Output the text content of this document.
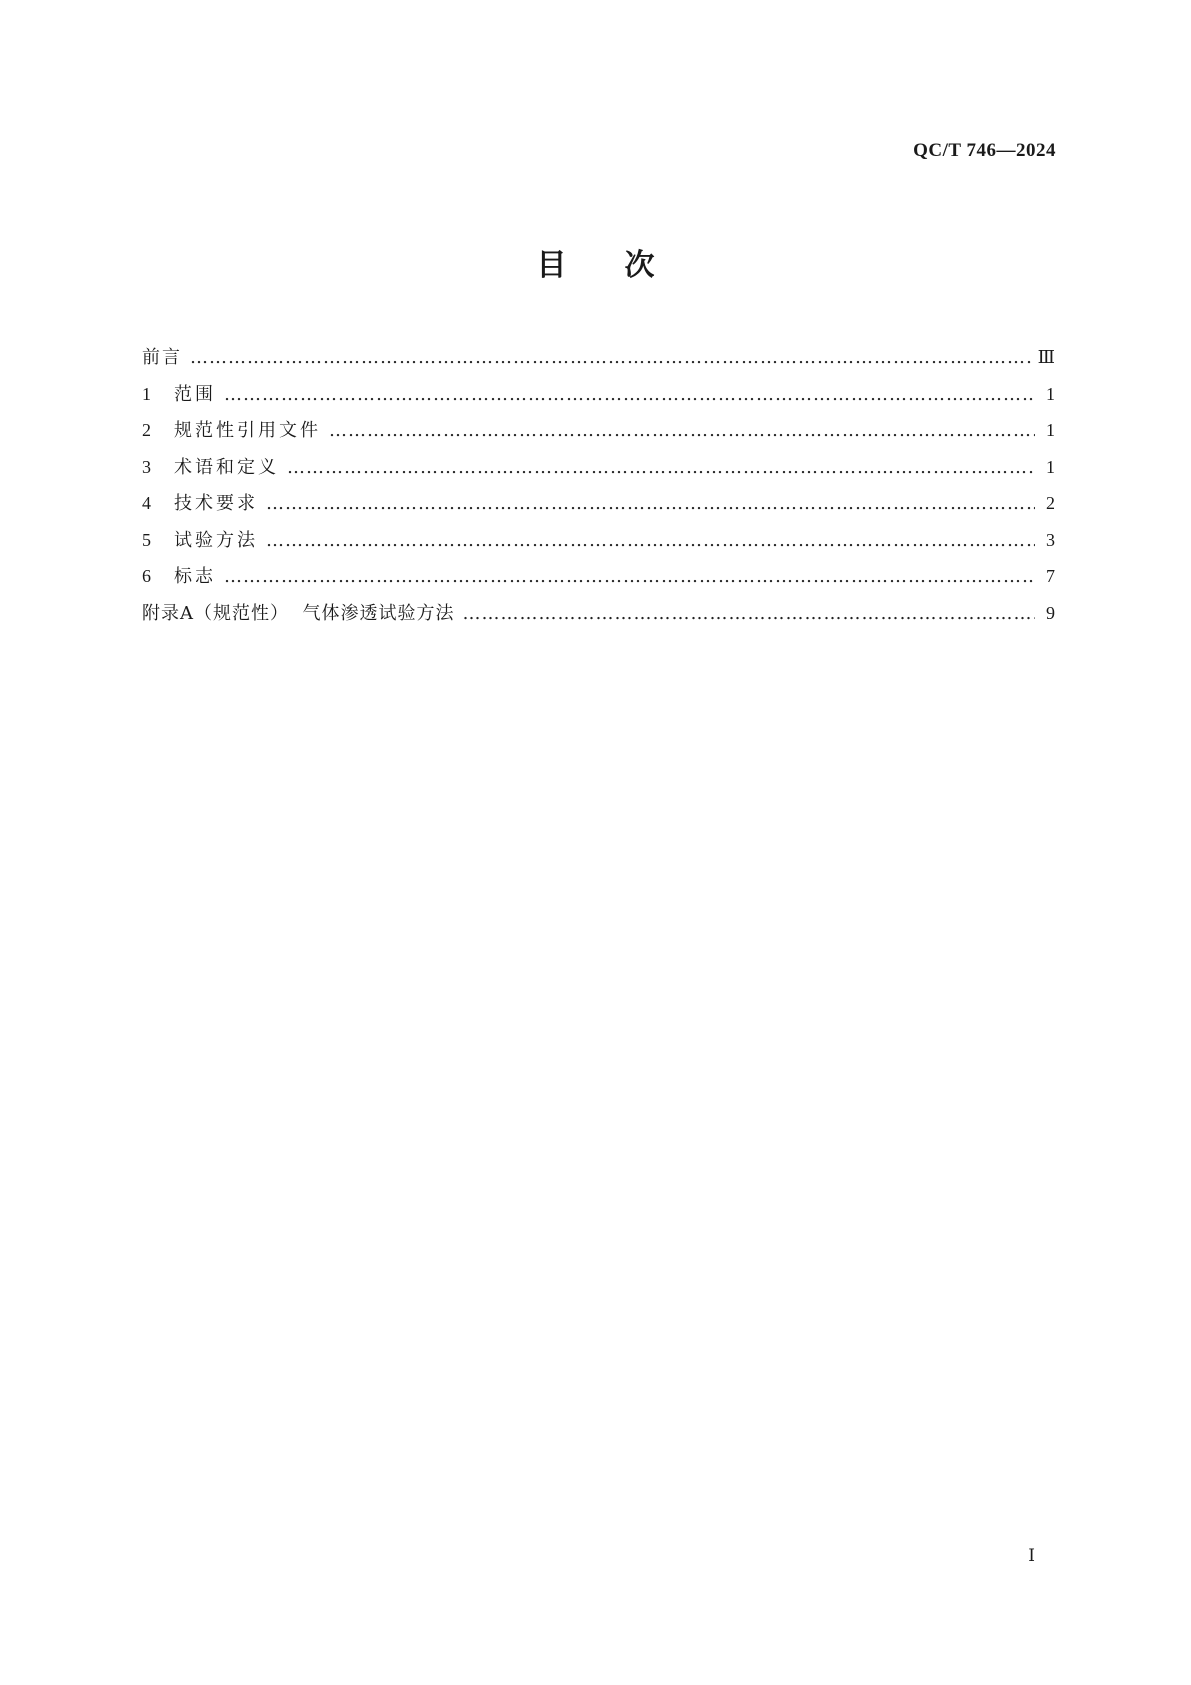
QC/T 746—2024
目次
前言 …………………………………………………………………………………………………………………………………………………………………………………………………………………………………………………………………………………………………	Ⅲ
1	范围 …………………………………………………………………………………………………………………………………………………………………………………………………………………………………………………………………………………………………	1
2	规范性引用文件 …………………………………………………………………………………………………………………………………………………………………………………………………………………………………………………………………………………………………	1
3	术语和定义 …………………………………………………………………………………………………………………………………………………………………………………………………………………………………………………………………………………………………	1
4	技术要求 …………………………………………………………………………………………………………………………………………………………………………………………………………………………………………………………………………………………………	2
5	试验方法 …………………………………………………………………………………………………………………………………………………………………………………………………………………………………………………………………………………………………	3
6	标志 …………………………………………………………………………………………………………………………………………………………………………………………………………………………………………………………………………………………………	7
附录A（规范性）  气体渗透试验方法 …………………………………………………………………………………………………………………………………………………………………………………………………………………………………………………………………………………………………	9
Ⅰ
